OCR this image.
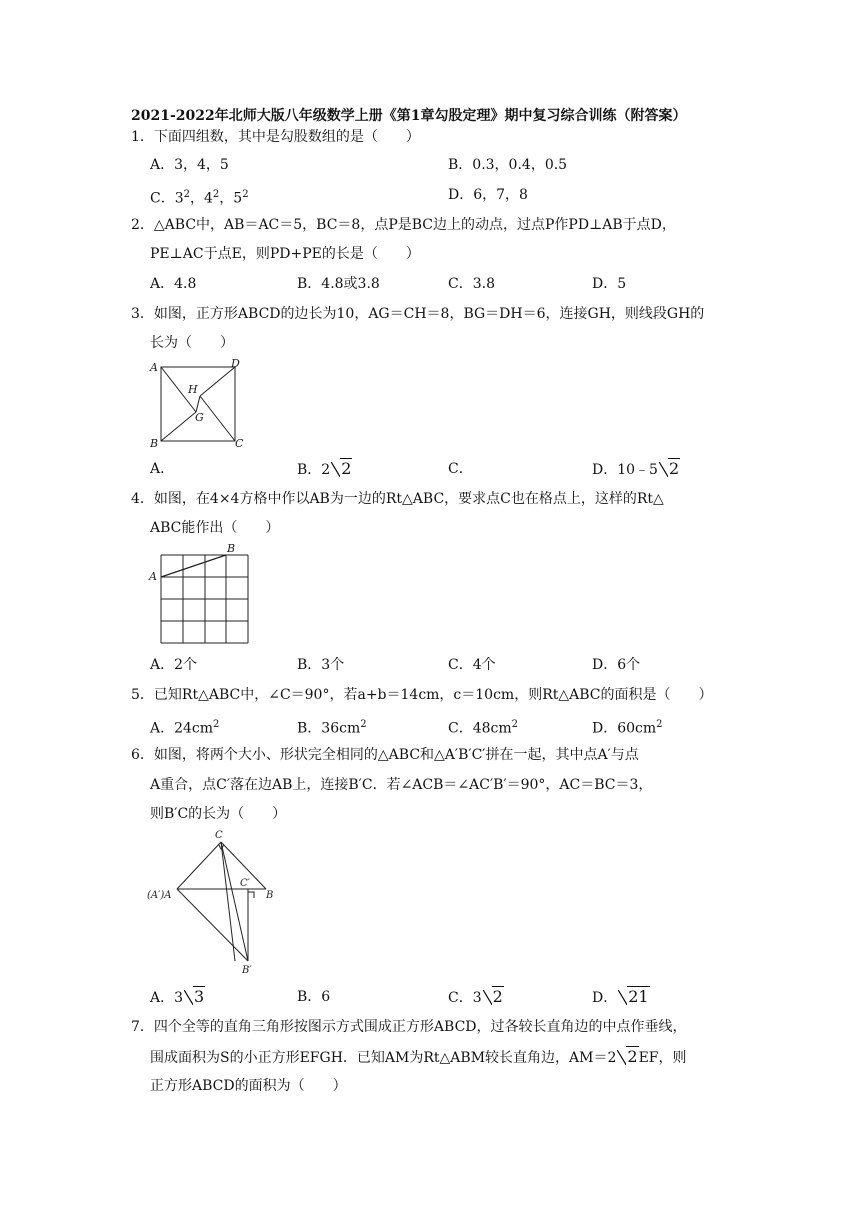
2021-2022年北师大版八年级数学上册《第1章勾股定理》期中复习综合训练（附答案）
1．下面四组数，其中是勾股数组的是（　　）
A．3，4，5	B．0.3，0.4，0.5
C．$3^2$，$4^2$，$5^2$	D．6，7，8
2．△ABC中，AB＝AC＝5，BC＝8，点P是BC边上的动点，过点P作PD⊥AB于点D，
PE⊥AC于点E，则PD+PE的长是（　　）
A．4.8	B．4.8或3.8	C．3.8	D．5
3．如图，正方形ABCD的边长为10，AG＝CH＝8，BG＝DH＝6，连接GH，则线段GH的
长为（　　）
A
B	C
D
G
H
A．	B．2 2	C．	D．10﹣5 2
4．如图，在4×4方格中作以AB为一边的Rt△ABC，要求点C也在格点上，这样的Rt△
ABC能作出（　　）
A
B
A．2个	B．3个	C．4个	D．6个
5．已知Rt△ABC中，∠C＝90°，若a+b＝14cm，c＝10cm，则Rt△ABC的面积是（　　）
A．$24cm^2$	B．$36cm^2$	C．$48cm^2$	D．$60cm^2$
6．如图，将两个大小、形状完全相同的△ABC和△A′B′C′拼在一起，其中点A′与点
A重合，点C′落在边AB上，连接B′C．若∠ACB＝∠AC′B′＝90°，AC＝BC＝3，
则B′C的长为（　　）
C
(A′)A
C′
B
B′
A．3 3	B．6	C．3 2	D． 21
7．四个全等的直角三角形按图示方式围成正方形ABCD，过各较长直角边的中点作垂线，
围成面积为S的小正方形EFGH．已知AM为Rt△ABM较长直角边，AM＝2 2EF，则
正方形ABCD的面积为（　　）
